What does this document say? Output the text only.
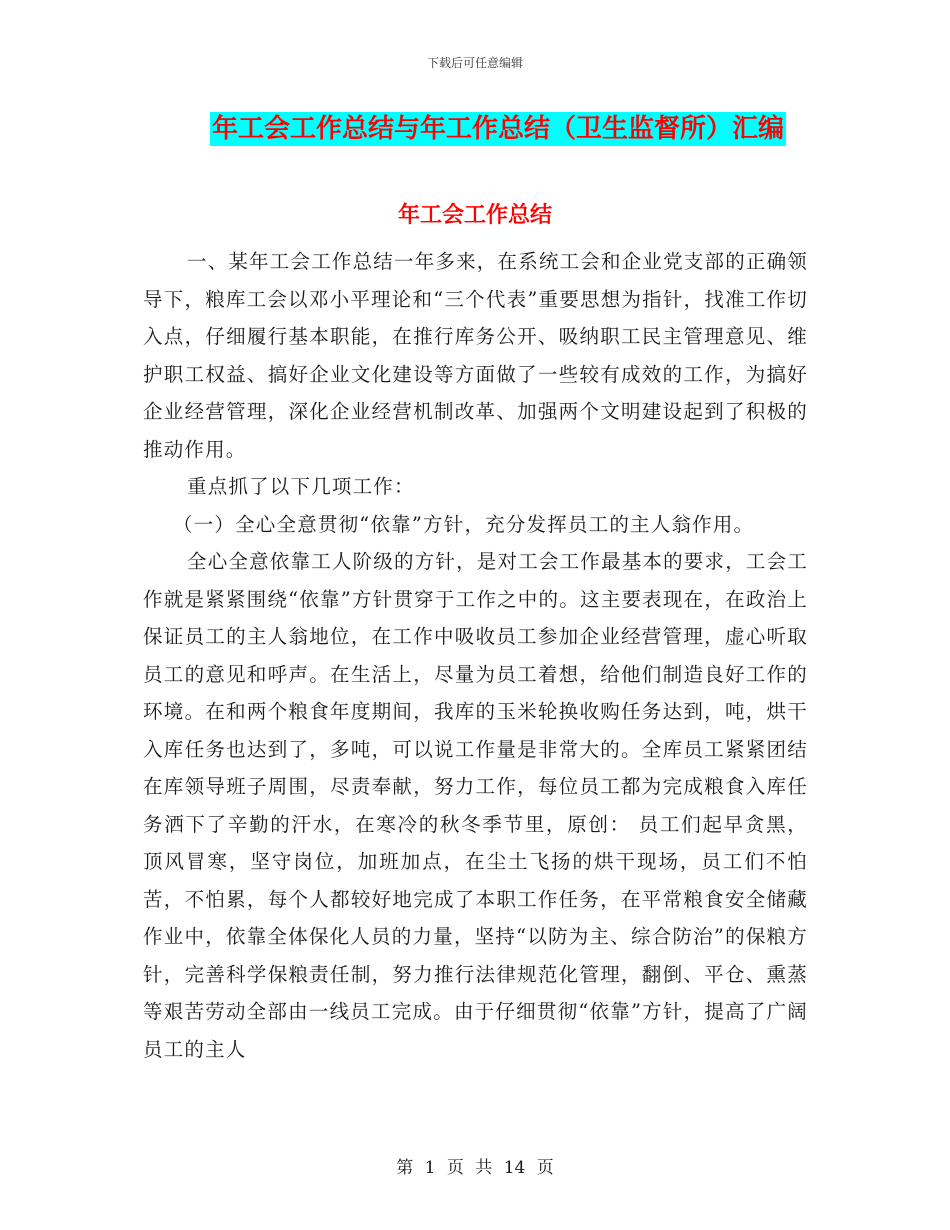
下载后可任意编辑
年工会工作总结与年工作总结（卫生监督所）汇编
年工会工作总结

一、某年工会工作总结一年多来，在系统工会和企业党支部的正确领导下，粮库工会以邓小平理论和“三个代表”重要思想为指针，找准工作切入点，仔细履行基本职能，在推行库务公开、吸纳职工民主管理意见、维护职工权益、搞好企业文化建设等方面做了一些较有成效的工作，为搞好企业经营管理，深化企业经营机制改革、加强两个文明建设起到了积极的推动作用。

重点抓了以下几项工作：

（一）全心全意贯彻“依靠”方针，充分发挥员工的主人翁作用。

全心全意依靠工人阶级的方针，是对工会工作最基本的要求，工会工作就是紧紧围绕“依靠”方针贯穿于工作之中的。这主要表现在，在政治上保证员工的主人翁地位，在工作中吸收员工参加企业经营管理，虚心听取员工的意见和呼声。在生活上，尽量为员工着想，给他们制造良好工作的环境。在和两个粮食年度期间，我库的玉米轮换收购任务达到，吨，烘干入库任务也达到了，多吨，可以说工作量是非常大的。全库员工紧紧团结在库领导班子周围，尽责奉献，努力工作，每位员工都为完成粮食入库任务洒下了辛勤的汗水，在寒冷的秋冬季节里，原创： 员工们起早贪黑，顶风冒寒，坚守岗位，加班加点，在尘土飞扬的烘干现场，员工们不怕苦，不怕累，每个人都较好地完成了本职工作任务，在平常粮食安全储藏作业中，依靠全体保化人员的力量，坚持“以防为主、综合防治”的保粮方针，完善科学保粮责任制，努力推行法律规范化管理，翻倒、平仓、熏蒸等艰苦劳动全部由一线员工完成。由于仔细贯彻“依靠”方针，提高了广阔员工的主人

第 1 页 共 14 页
